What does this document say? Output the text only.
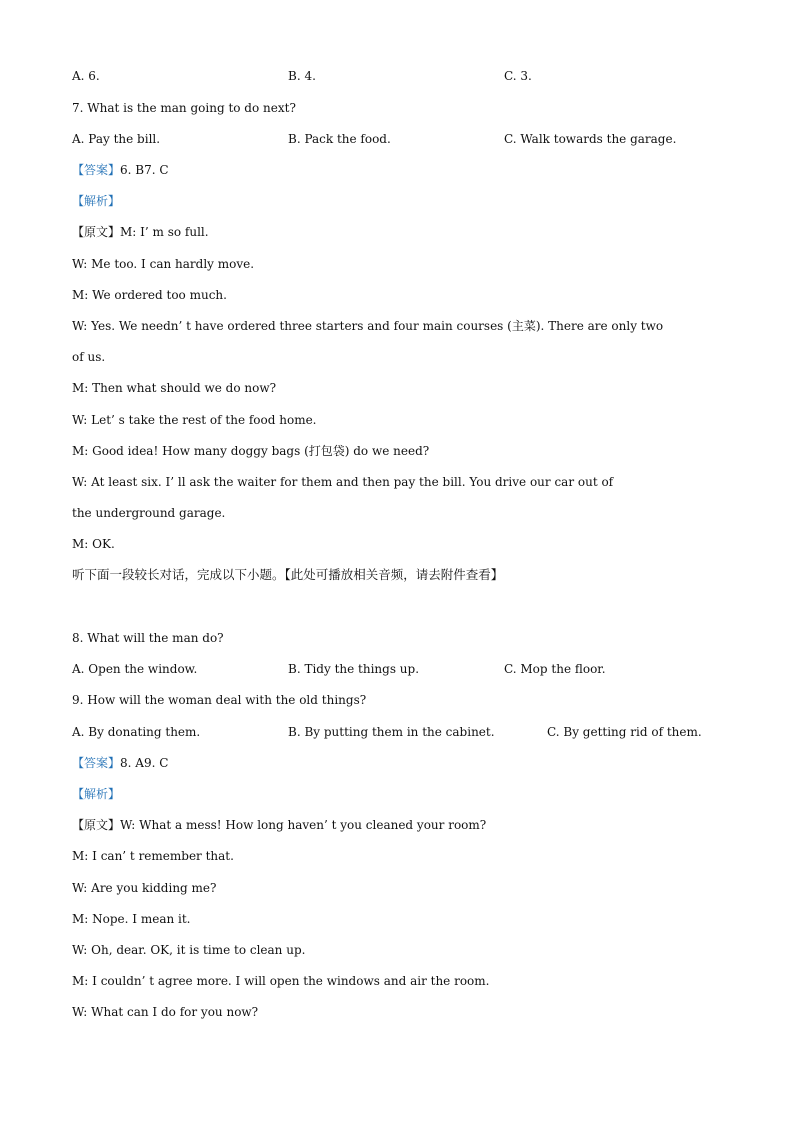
A. 6.	B. 4.	C. 3.
7. What is the man going to do next?
A. Pay the bill.	B. Pack the food.	C. Walk towards the garage.
【答案】6. B7. C
【解析】
【原文】M: I’ m so full.
W: Me too. I can hardly move.
M: We ordered too much.
W: Yes. We needn’ t have ordered three starters and four main courses (主菜). There are only two
of us.
M: Then what should we do now?
W: Let’ s take the rest of the food home.
M: Good idea! How many doggy bags (打包袋) do we need?
W: At least six. I’ ll ask the waiter for them and then pay the bill. You drive our car out of
the underground garage.
M: OK.
听下面一段较长对话，完成以下小题。【此处可播放相关音频，请去附件查看】
8. What will the man do?
A. Open the window.	B. Tidy the things up.	C. Mop the floor.
9. How will the woman deal with the old things?
A. By donating them.	B. By putting them in the cabinet.	C. By getting rid of them.
【答案】8. A9. C
【解析】
【原文】W: What a mess! How long haven’ t you cleaned your room?
M: I can’ t remember that.
W: Are you kidding me?
M: Nope. I mean it.
W: Oh, dear. OK, it is time to clean up.
M: I couldn’ t agree more. I will open the windows and air the room.
W: What can I do for you now?
